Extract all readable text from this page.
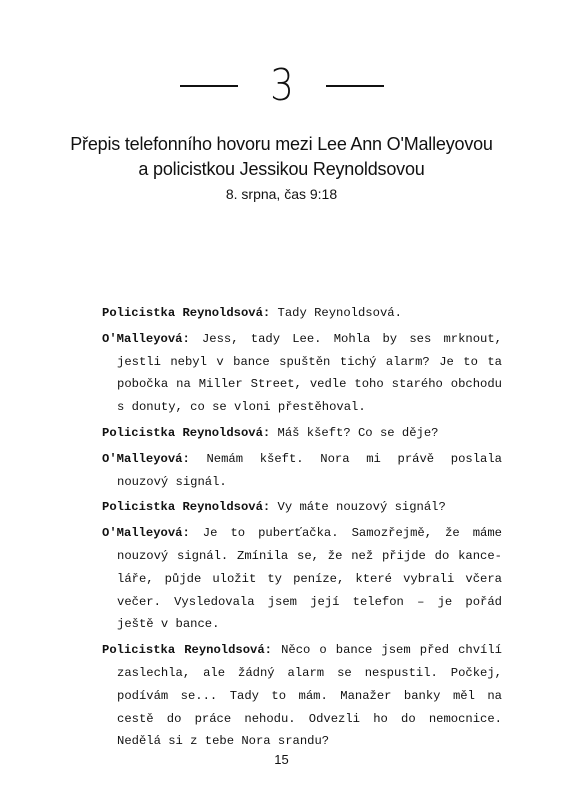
3
Přepis telefonního hovoru mezi Lee Ann O'Malleyovou
a policistkou Jessikou Reynoldsovou
8. srpna, čas 9:18
Policistka Reynoldsová: Tady Reynoldsová.
O'Malleyová: Jess, tady Lee. Mohla by ses mrknout, jestli nebyl v bance spuštěn tichý alarm? Je to ta pobočka na Miller Street, vedle toho starého obchodu s donuty, co se vloni přestěhoval.
Policistka Reynoldsová: Máš kšeft? Co se děje?
O'Malleyová: Nemám kšeft. Nora mi právě poslala nouzový signál.
Policistka Reynoldsová: Vy máte nouzový signál?
O'Malleyová: Je to puberťačka. Samozřejmě, že máme nouzový signál. Zmínila se, že než přijde do kanceláře, půjde uložit ty peníze, které vybrali včera večer. Vysledovala jsem její telefon – je pořád ještě v bance.
Policistka Reynoldsová: Něco o bance jsem před chvílí zaslechla, ale žádný alarm se nespustil. Počkej, podívám se... Tady to mám. Manažer banky měl na cestě do práce nehodu. Odvezli ho do nemocnice. Nedělá si z tebe Nora srandu?
15
